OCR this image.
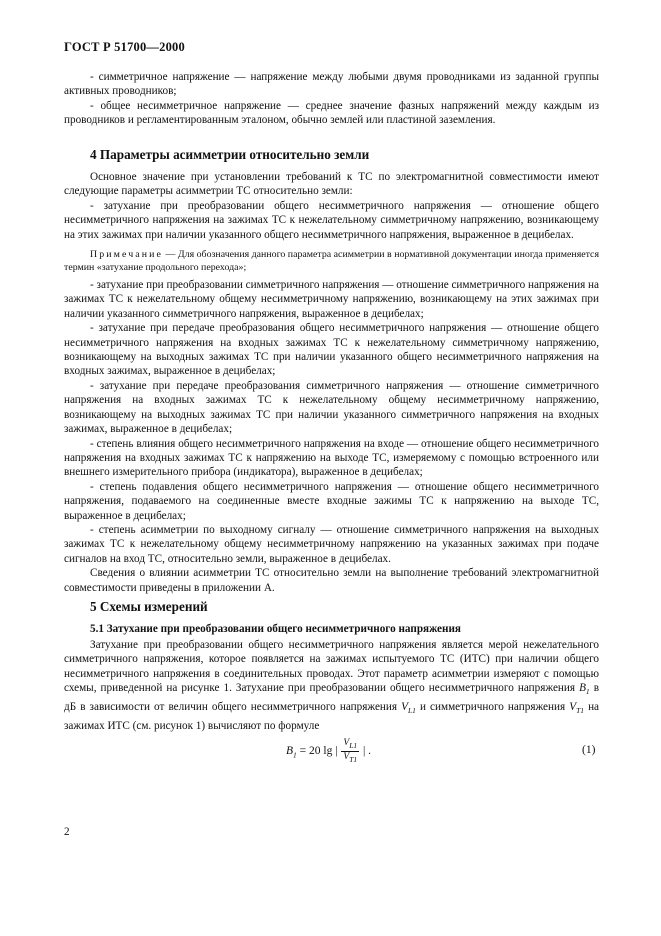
ГОСТ Р 51700—2000

- симметричное напряжение — напряжение между любыми двумя проводниками из заданной группы активных проводников;

- общее несимметричное напряжение — среднее значение фазных напряжений между каждым из проводников и регламентированным эталоном, обычно землей или пластиной заземления.

4 Параметры асимметрии относительно земли

Основное значение при установлении требований к ТС по электромагнитной совместимости имеют следующие параметры асимметрии ТС относительно земли:

- затухание при преобразовании общего несимметричного напряжения — отношение общего несимметричного напряжения на зажимах ТС к нежелательному симметричному напряжению, возникающему на этих зажимах при наличии указанного общего несимметричного напряжения, выраженное в децибелах.

Примечание — Для обозначения данного параметра асимметрии в нормативной документации иногда применяется термин «затухание продольного перехода»;

- затухание при преобразовании симметричного напряжения — отношение симметричного напряжения на зажимах ТС к нежелательному общему несимметричному напряжению, возникающему на этих зажимах при наличии указанного симметричного напряжения, выраженное в децибелах;

- затухание при передаче преобразования общего несимметричного напряжения — отношение общего несимметричного напряжения на входных зажимах ТС к нежелательному симметричному напряжению, возникающему на выходных зажимах ТС при наличии указанного общего несимметричного напряжения на входных зажимах, выраженное в децибелах;

- затухание при передаче преобразования симметричного напряжения — отношение симметричного напряжения на входных зажимах ТС к нежелательному общему несимметричному напряжению, возникающему на выходных зажимах ТС при наличии указанного симметричного напряжения на входных зажимах, выраженное в децибелах;

- степень влияния общего несимметричного напряжения на входе — отношение общего несимметричного напряжения на входных зажимах ТС к напряжению на выходе ТС, измеряемому с помощью встроенного или внешнего измерительного прибора (индикатора), выраженное в децибелах;

- степень подавления общего несимметричного напряжения — отношение общего несимметричного напряжения, подаваемого на соединенные вместе входные зажимы ТС к напряжению на выходе ТС, выраженное в децибелах;

- степень асимметрии по выходному сигналу — отношение симметричного напряжения на выходных зажимах ТС к нежелательному общему несимметричному напряжению на указанных зажимах при подаче сигналов на вход ТС, относительно земли, выраженное в децибелах.

Сведения о влиянии асимметрии ТС относительно земли на выполнение требований электромагнитной совместимости приведены в приложении А.

5 Схемы измерений
5.1 Затухание при преобразовании общего несимметричного напряжения

Затухание при преобразовании общего несимметричного напряжения является мерой нежелательного симметричного напряжения, которое появляется на зажимах испытуемого ТС (ИТС) при наличии общего несимметричного напряжения в соединительных проводах. Этот параметр асимметрии измеряют с помощью схемы, приведенной на рисунке 1. Затухание при преобразовании общего несимметричного напряжения $B_1$ в дБ в зависимости от величин общего несимметричного напряжения $V_{L1}$ и симметричного напряжения $V_{T1}$ на зажимах ИТС (см. рисунок 1) вычисляют по формуле

$B_1 = 20$ lg | $\frac{V_{L1}}{V_{T1}}$ | .	(1)
2
